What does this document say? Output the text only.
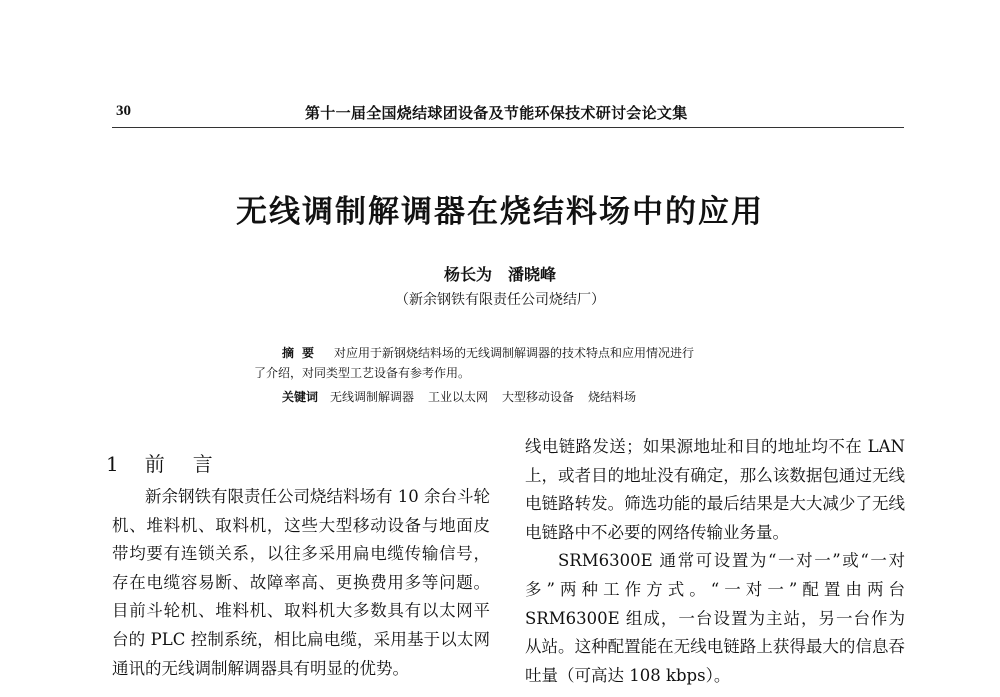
30	第十一届全国烧结球团设备及节能环保技术研讨会论文集
无线调制解调器在烧结料场中的应用
杨长为 潘晓峰
（新余钢铁有限责任公司烧结厂）
摘要 对应用于新钢烧结料场的无线调制解调器的技术特点和应用情况进行
了介绍，对同类型工艺设备有参考作用。
关键词 无线调制解调器 工业以太网 大型移动设备 烧结料场
1 前 言

新余钢铁有限责任公司烧结料场有 10 余台斗轮机、堆料机、取料机，这些大型移动设备与地面皮带均要有连锁关系，以往多采用扁电缆传输信号，存在电缆容易断、故障率高、更换费用多等问题。目前斗轮机、堆料机、取料机大多数具有以太网平台的 PLC 控制系统，相比扁电缆，采用基于以太网通讯的无线调制解调器具有明显的优势。

线电链路发送；如果源地址和目的地址均不在 LAN 上，或者目的地址没有确定，那么该数据包通过无线电链路转发。筛选功能的最后结果是大大减少了无线电链路中不必要的网络传输业务量。

SRM6300E 通常可设置为“一对一”或“一对多”两种工作方式。“一对一”配置由两台 SRM6300E 组成，一台设置为主站，另一台作为从站。这种配置能在无线电链路上获得最大的信息吞吐量（可高达 108 kbps）。
